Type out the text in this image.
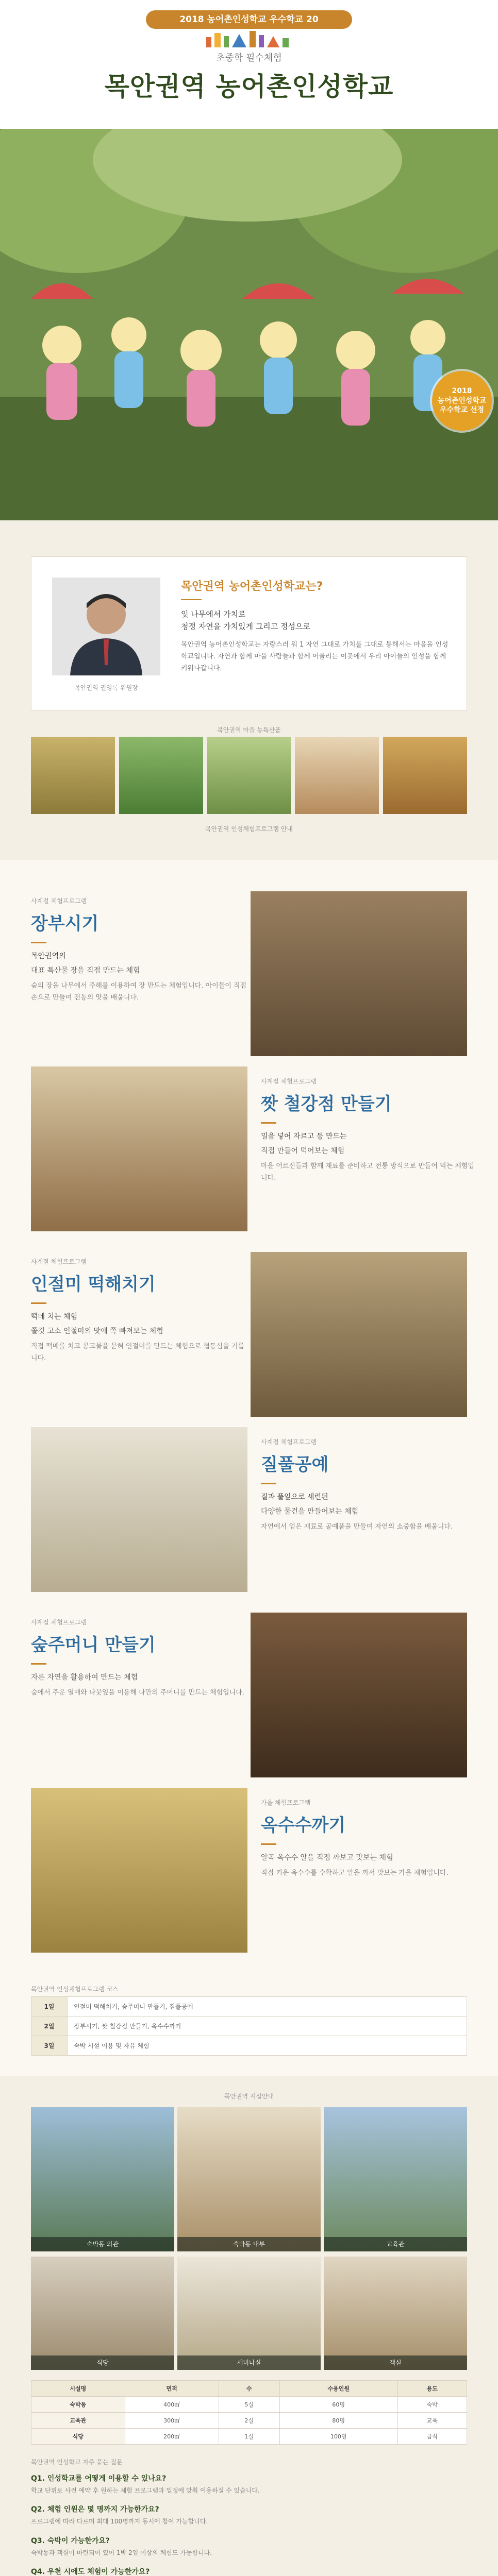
2018 농어촌인성학교 우수학교 20
초중학 필수체험
목안권역 농어촌인성학교
2018
농어촌인성학교
우수학교 선정
목안권역 권영록 위원장
목안권역 농어촌인성학교는?
잊 나무에서 가치로
청정 자연을 가치있게 그리고 정성으로
목안권역 농어촌인성학교는 자랑스러 워 1 자연 그대로 가치를 그대로 통해서는 마음을 인성학교입니다. 자연과 함께 마을 사람들과 함께 어울리는 이곳에서 우리 아이들의 인성을 함께 키워나갑니다.
목안권역 마을 농특산품
목안권역 인성체험프로그램 안내
사계절 체험프로그램
장부시기
목안권역의
대표 특산물 장을 직접 만드는 체험
숲의 장을 나무에서 주해를 이용하여 장 만드는 체험입니다. 아이들이 직접 손으로 만들며 전통의 맛을 배웁니다.
사계절 체험프로그램
짯 철강점 만들기
밀을 넣어 자르고 등 만드는
직접 만들어 먹어보는 체험
마을 어르신들과 함께 재료를 준비하고 전통 방식으로 만들어 먹는 체험입니다.
사계절 체험프로그램
인절미 떡해치기
떡메 치는 체험
쫄깃 고소 인절미의 맛에 쪽 빠져보는 체험
직접 떡메를 치고 콩고물을 묻혀 인절미를 만드는 체험으로 협동심을 기릅니다.
사계절 체험프로그램
질풀공예
질과 풀잎으로 세련된
다양한 물건을 만들어보는 체험
자연에서 얻은 재료로 공예품을 만들며 자연의 소중함을 배웁니다.
사계절 체험프로그램
숲주머니 만들기
자른 자연을 활용하여 만드는 체험
숲에서 주운 열매와 나뭇잎을 이용해 나만의 주머니를 만드는 체험입니다.
가을 체험프로그램
옥수수까기
알곡 옥수수 알을 직접 까보고 맛보는 체험
직접 키운 옥수수를 수확하고 알을 까서 맛보는 가을 체험입니다.
목안권역 인성체험프로그램 코스
1일	인절미 떡해치기, 숲주머니 만들기, 질풀공예
2일	장부시기, 짯 철강점 만들기, 옥수수까기
3일	숙박 시설 이용 및 자유 체험
목안권역 시설안내
숙박동 외관	숙박동 내부	교육관
식당	세미나실	객실
시설명	면적	수	수용인원	용도
숙박동	400㎡	5실	60명	숙박
교육관	300㎡	2실	80명	교육
식당	200㎡	1실	100명	급식
목안권역 인성학교 자주 묻는 질문
Q1. 인성학교를 어떻게 이용할 수 있나요?
학교 단위로 사전 예약 후 원하는 체험 프로그램과 일정에 맞춰 이용하실 수 있습니다.
Q2. 체험 인원은 몇 명까지 가능한가요?
프로그램에 따라 다르며 최대 100명까지 동시에 참여 가능합니다.
Q3. 숙박이 가능한가요?
숙박동과 객실이 마련되어 있어 1박 2일 이상의 체험도 가능합니다.
Q4. 우천 시에도 체험이 가능한가요?
